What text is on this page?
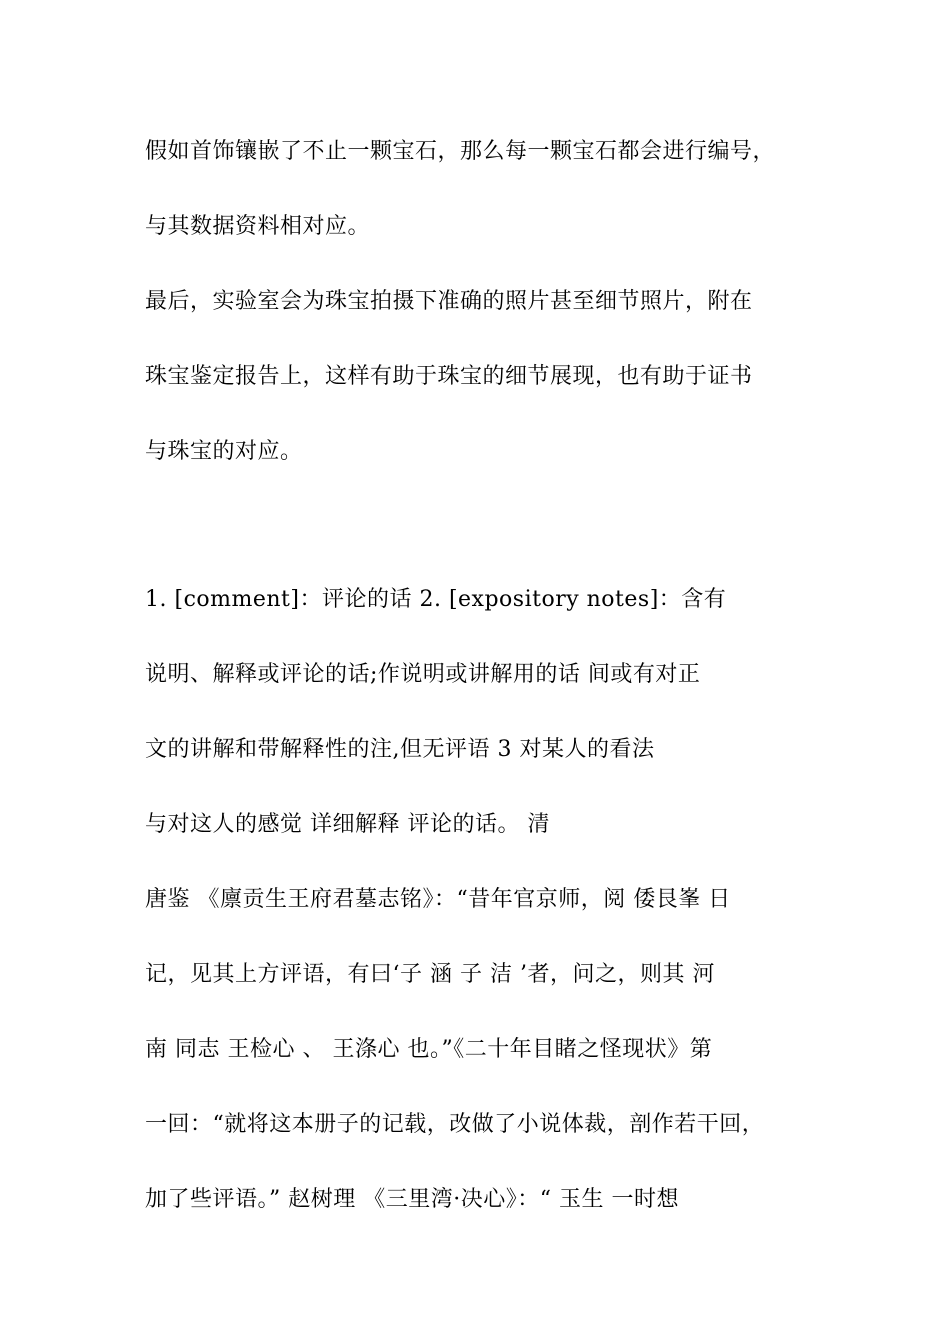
假如首饰镶嵌了不止一颗宝石，那么每一颗宝石都会进行编号，
与其数据资料相对应。
最后，实验室会为珠宝拍摄下准确的照片甚至细节照片，附在
珠宝鉴定报告上，这样有助于珠宝的细节展现，也有助于证书
与珠宝的对应。
1. [comment]：评论的话 2. [expository notes]：含有
说明、解释或评论的话;作说明或讲解用的话 间或有对正
文的讲解和带解释性的注,但无评语 3 对某人的看法
与对这人的感觉 详细解释 评论的话。 清
唐鉴 《廪贡生王府君墓志铭》：“昔年官京师，阅 倭艮峯 日
记，见其上方评语，有曰‘子 涵 子 洁 ’者，问之，则其 河
南 同志 王检心 、 王涤心 也。”《二十年目睹之怪现状》第
一回：“就将这本册子的记载，改做了小说体裁，剖作若干回，
加了些评语。” 赵树理 《三里湾·决心》：“ 玉生 一时想
